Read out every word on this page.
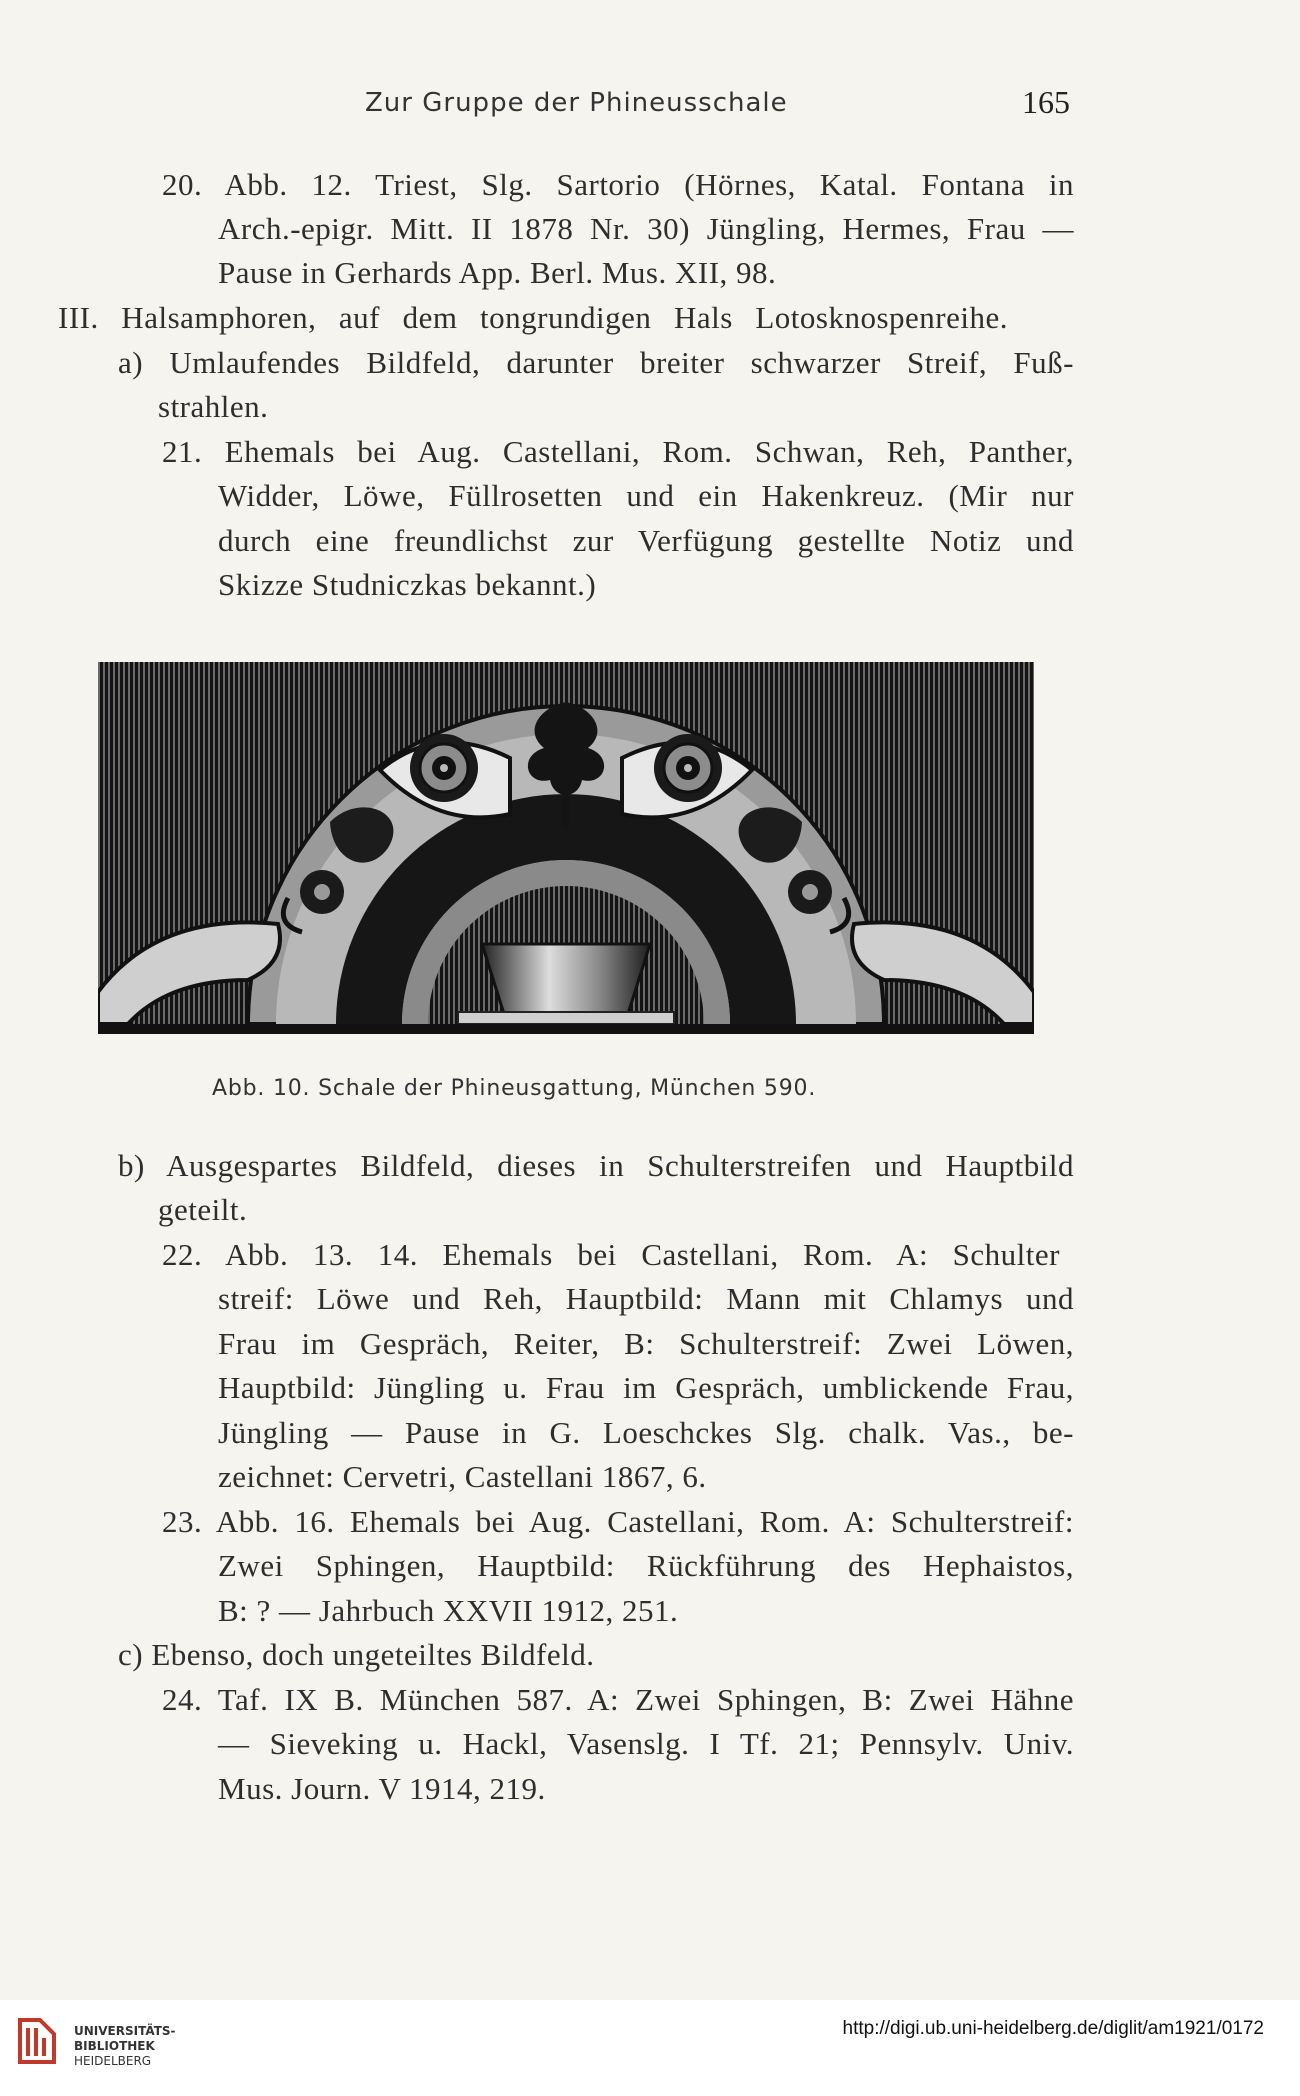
Zur Gruppe der Phineusschale	165
20. Abb. 12. Triest, Slg. Sartorio (Hörnes, Katal. Fontana in
Arch.-epigr. Mitt. II 1878 Nr. 30) Jüngling, Hermes, Frau —
Pause in Gerhards App. Berl. Mus. XII, 98.
III. Halsamphoren, auf dem tongrundigen Hals Lotosknospenreihe.
a) Umlaufendes Bildfeld, darunter breiter schwarzer Streif, Fuß-
strahlen.
21. Ehemals bei Aug. Castellani, Rom. Schwan, Reh, Panther,
Widder, Löwe, Füllrosetten und ein Hakenkreuz. (Mir nur
durch eine freundlichst zur Verfügung gestellte Notiz und
Skizze Studniczkas bekannt.)
b) Ausgespartes Bildfeld, dieses in Schulterstreifen und Hauptbild
geteilt.
22. Abb. 13. 14. Ehemals bei Castellani, Rom. A: Schulter
streif: Löwe und Reh, Hauptbild: Mann mit Chlamys und
Frau im Gespräch, Reiter, B: Schulterstreif: Zwei Löwen,
Hauptbild: Jüngling u. Frau im Gespräch, umblickende Frau,
Jüngling — Pause in G. Loeschckes Slg. chalk. Vas., be-
zeichnet: Cervetri, Castellani 1867, 6.
23. Abb. 16. Ehemals bei Aug. Castellani, Rom. A: Schulterstreif:
Zwei Sphingen, Hauptbild: Rückführung des Hephaistos,
B: ? — Jahrbuch XXVII 1912, 251.
c) Ebenso, doch ungeteiltes Bildfeld.
24. Taf. IX B. München 587. A: Zwei Sphingen, B: Zwei Hähne
— Sieveking u. Hackl, Vasenslg. I Tf. 21; Pennsylv. Univ.
Mus. Journ. V 1914, 219.
Abb. 10. Schale der Phineusgattung, München 590.
UNIVERSITÄTS-
BIBLIOTHEK
HEIDELBERG
http://digi.ub.uni-heidelberg.de/diglit/am1921/0172
